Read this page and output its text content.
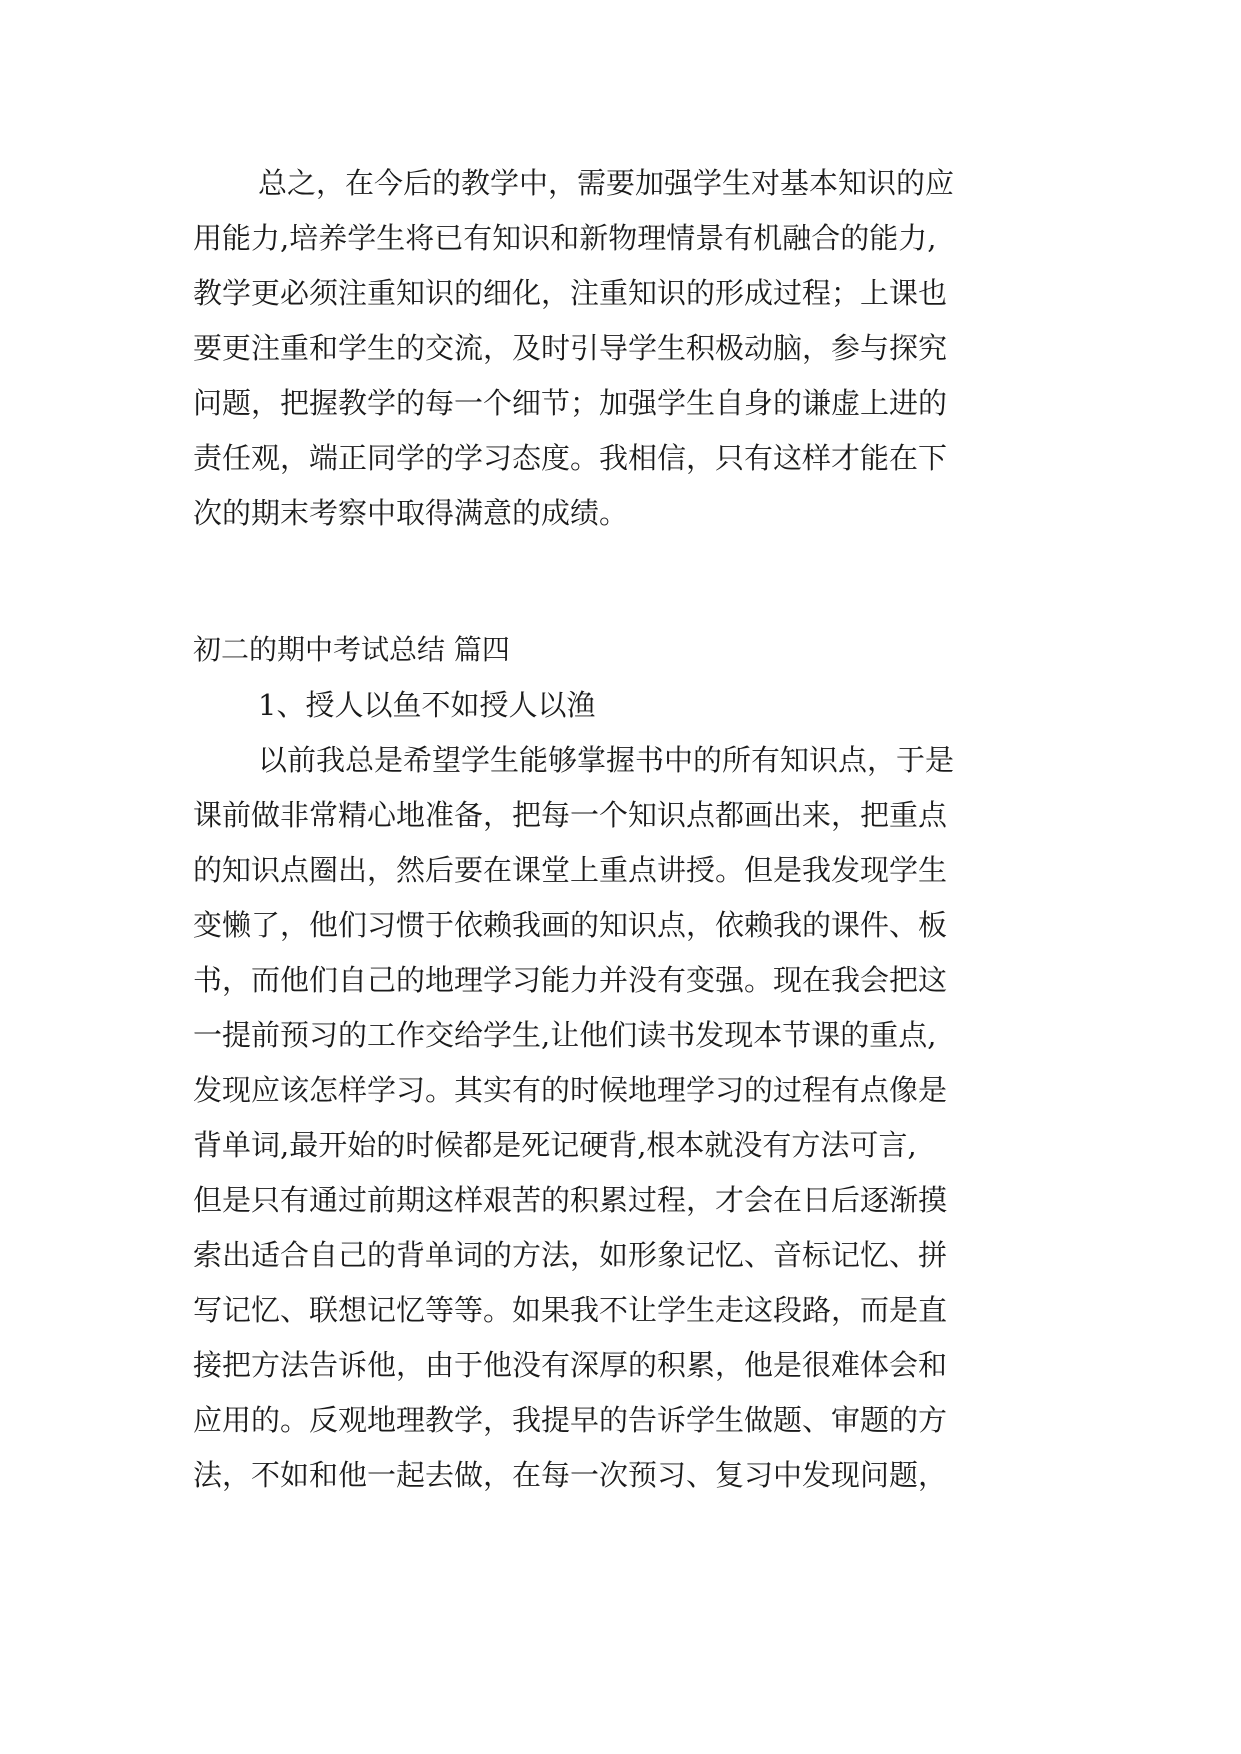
总之，在今后的教学中，需要加强学生对基本知识的应
用能力,培养学生将已有知识和新物理情景有机融合的能力,
教学更必须注重知识的细化，注重知识的形成过程；上课也
要更注重和学生的交流，及时引导学生积极动脑，参与探究
问题，把握教学的每一个细节；加强学生自身的谦虚上进的
责任观，端正同学的学习态度。我相信，只有这样才能在下
次的期末考察中取得满意的成绩。
初二的期中考试总结 篇四
1、授人以鱼不如授人以渔
以前我总是希望学生能够掌握书中的所有知识点，于是
课前做非常精心地准备，把每一个知识点都画出来，把重点
的知识点圈出，然后要在课堂上重点讲授。但是我发现学生
变懒了，他们习惯于依赖我画的知识点，依赖我的课件、板
书，而他们自己的地理学习能力并没有变强。现在我会把这
一提前预习的工作交给学生,让他们读书发现本节课的重点,
发现应该怎样学习。其实有的时候地理学习的过程有点像是
背单词,最开始的时候都是死记硬背,根本就没有方法可言,
但是只有通过前期这样艰苦的积累过程，才会在日后逐渐摸
索出适合自己的背单词的方法，如形象记忆、音标记忆、拼
写记忆、联想记忆等等。如果我不让学生走这段路，而是直
接把方法告诉他，由于他没有深厚的积累，他是很难体会和
应用的。反观地理教学，我提早的告诉学生做题、审题的方
法，不如和他一起去做，在每一次预习、复习中发现问题，
